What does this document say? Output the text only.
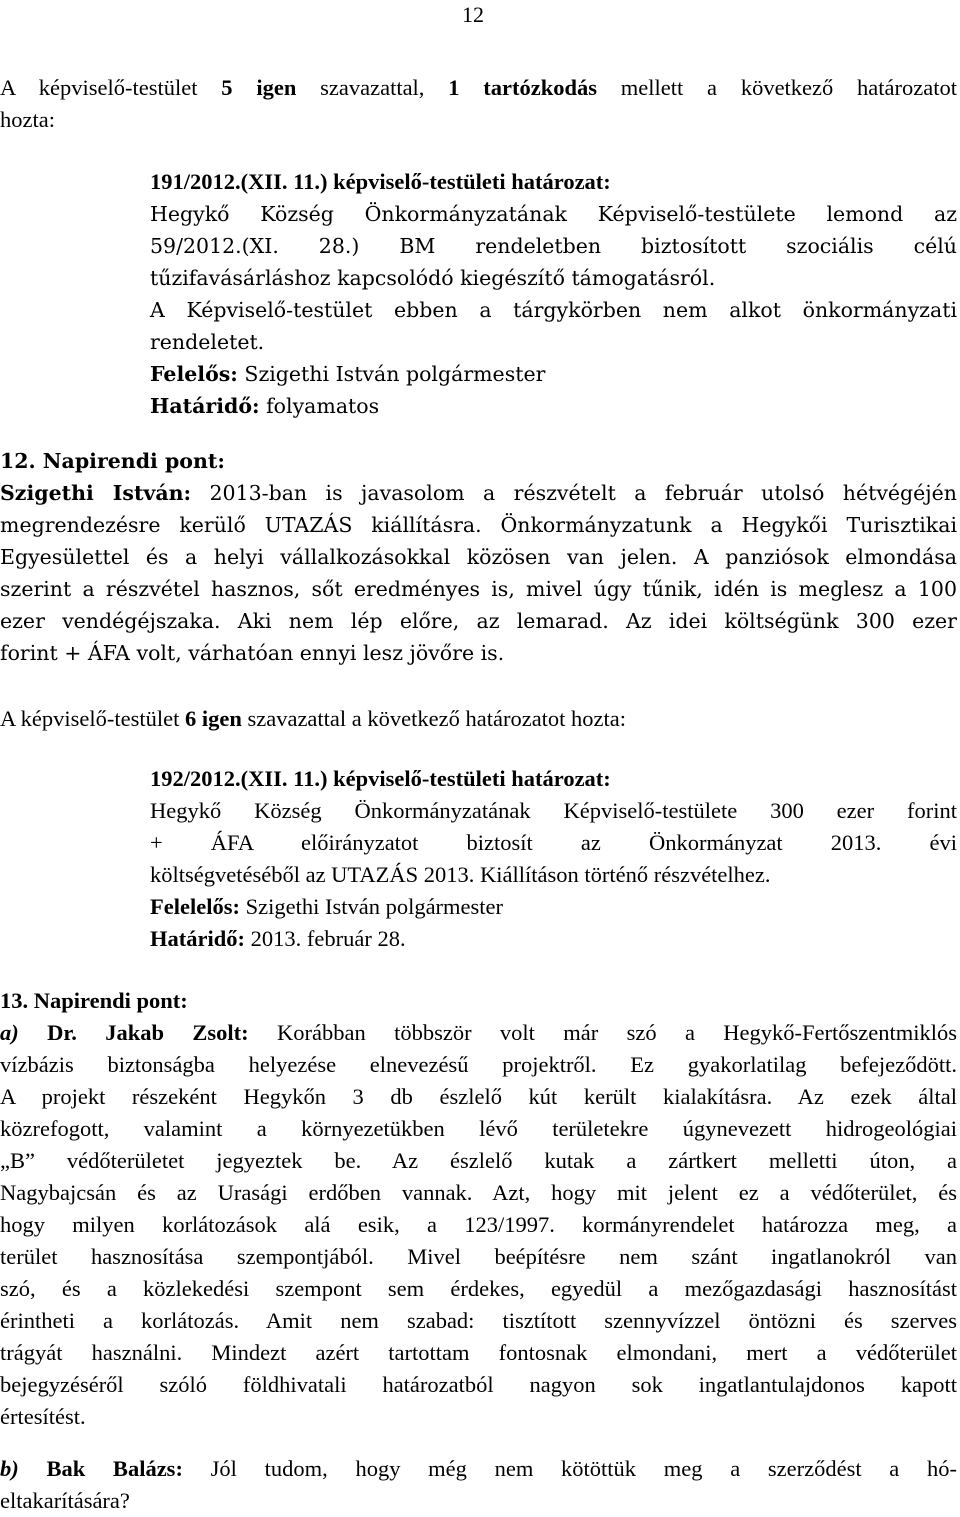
12
A képviselő-testület 5 igen szavazattal, 1 tartózkodás mellett a következő határozatot
hozta:
191/2012.(XII. 11.) képviselő-testületi határozat:
Hegykő Község Önkormányzatának Képviselő-testülete lemond az
59/2012.(XI. 28.) BM rendeletben biztosított szociális célú
tűzifavásárláshoz kapcsolódó kiegészítő támogatásról.
A Képviselő-testület ebben a tárgykörben nem alkot önkormányzati
rendeletet.
Felelős: Szigethi István polgármester
Határidő: folyamatos
12. Napirendi pont:
Szigethi István: 2013-ban is javasolom a részvételt a február utolsó hétvégéjén
megrendezésre kerülő UTAZÁS kiállításra. Önkormányzatunk a Hegykői Turisztikai
Egyesülettel és a helyi vállalkozásokkal közösen van jelen. A panziósok elmondása
szerint a részvétel hasznos, sőt eredményes is, mivel úgy tűnik, idén is meglesz a 100
ezer vendégéjszaka. Aki nem lép előre, az lemarad. Az idei költségünk 300 ezer
forint + ÁFA volt, várhatóan ennyi lesz jövőre is.
A képviselő-testület 6 igen szavazattal a következő határozatot hozta:
192/2012.(XII. 11.) képviselő-testületi határozat:
Hegykő Község Önkormányzatának Képviselő-testülete 300 ezer forint
+ ÁFA előirányzatot biztosít az Önkormányzat 2013. évi
költségvetéséből az UTAZÁS 2013. Kiállításon történő részvételhez.
Felelelős: Szigethi István polgármester
Határidő: 2013. február 28.
13. Napirendi pont:
a) Dr. Jakab Zsolt: Korábban többször volt már szó a Hegykő-Fertőszentmiklós
vízbázis biztonságba helyezése elnevezésű projektről. Ez gyakorlatilag befejeződött.
A projekt részeként Hegykőn 3 db észlelő kút került kialakításra. Az ezek által
közrefogott, valamint a környezetükben lévő területekre úgynevezett hidrogeológiai
„B” védőterületet jegyeztek be. Az észlelő kutak a zártkert melletti úton, a
Nagybajcsán és az Urasági erdőben vannak. Azt, hogy mit jelent ez a védőterület, és
hogy milyen korlátozások alá esik, a 123/1997. kormányrendelet határozza meg, a
terület hasznosítása szempontjából. Mivel beépítésre nem szánt ingatlanokról van
szó, és a közlekedési szempont sem érdekes, egyedül a mezőgazdasági hasznosítást
érintheti a korlátozás. Amit nem szabad: tisztított szennyvízzel öntözni és szerves
trágyát használni. Mindezt azért tartottam fontosnak elmondani, mert a védőterület
bejegyzéséről szóló földhivatali határozatból nagyon sok ingatlantulajdonos kapott
értesítést.
b) Bak Balázs: Jól tudom, hogy még nem kötöttük meg a szerződést a hó-
eltakarítására?
